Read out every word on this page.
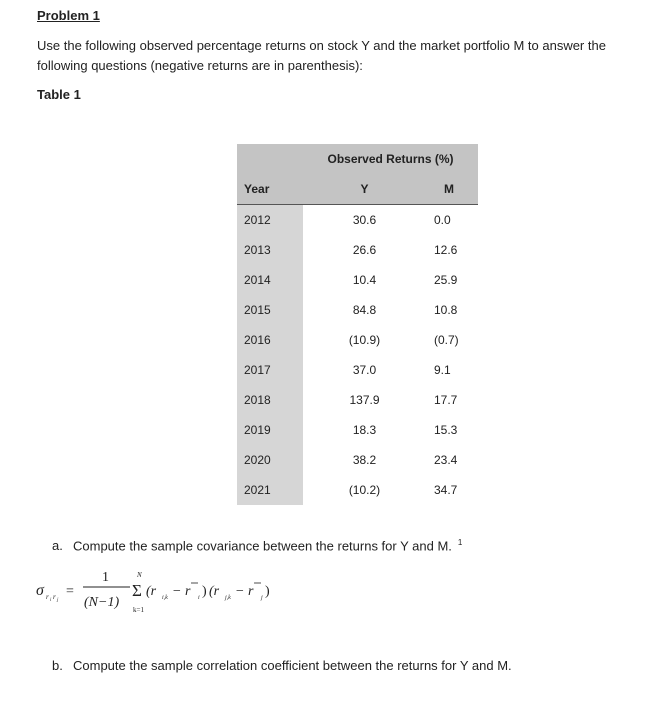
Problem 1
Use the following observed percentage returns on stock Y and the market portfolio M to answer the following questions (negative returns are in parenthesis):
Table 1
	Observed Returns (%)	
Year	Y	M
2012	30.6	0.0
2013	26.6	12.6
2014	10.4	25.9
2015	84.8	10.8
2016	(10.9)	(0.7)
2017	37.0	9.1
2018	137.9	17.7
2019	18.3	15.3
2020	38.2	23.4
2021	(10.2)	34.7
a. Compute the sample covariance between the returns for Y and M. $^1$
σ r i r j
=
1
(N−1)
N
Σ
k=1
(r i,k − r i ) (r j,k − r j )
b. Compute the sample correlation coefficient between the returns for Y and M.
